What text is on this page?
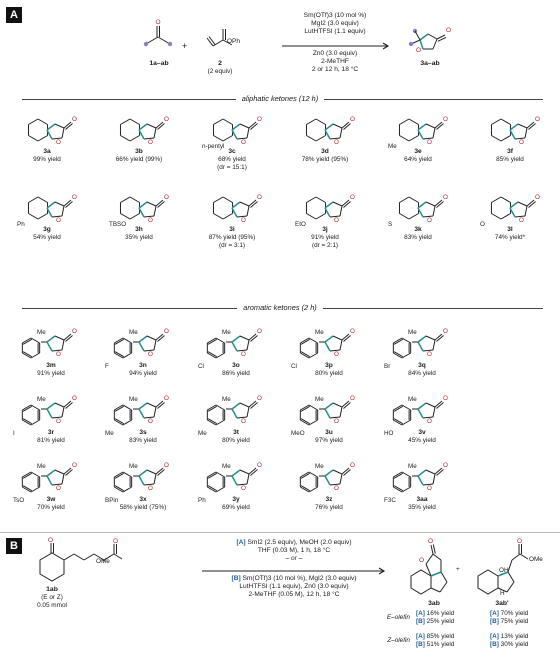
A
O
OPh
O
O
+
1a–ab	2
(2 equiv)
3a–ab
Sm(OTf)3 (10 mol %)
MgI2 (3.0 equiv)
LutHTFSI (1.1 equiv)
Zn0 (3.0 equiv)
2-MeTHF
2 or 12 h, 18 °C
aliphatic ketones (12 h)
aromatic ketones (2 h)
O
O
O
O
O
O
n-pentyl
O
O
O
O
Me
O
O
O
O
Ph
O
O
TBSO
O
O
O
O
EtO
O
O
S
O
O
O
O
O
Me
O
O
Me
F
O
O
Me
Cl
O
O
Me
Cl
O
O
Me
Br
O
O
Me
I
O
O
Me
Me
O
O
Me
Me
O
O
Me
MeO
O
O
Me
HO
O
O
Me
TsO
O
O
Me
BPin
O
O
Me
Ph
O
O
Me
O
O
Me
F3C
3a
99% yield
3b
66% yield (99%)
3c
68% yield
(dr = 15:1)
3d
78% yield (95%)
3e
64% yield
3f
85% yield
3g
54% yield
3h
35% yield
3i
87% yield (95%)
(dr = 3:1)
3j
91% yield
(dr = 2:1)
3k
83% yield
3l
74% yield*
3m
91% yield
3n
94% yield
3o
86% yield
3p
80% yield
3q
84% yield
3r
81% yield
3s
83% yield
3t
80% yield
3u
97% yield
3v
45% yield
3w
70% yield
3x
58% yield (75%)
3y
69% yield
3z
76% yield
3aa
35% yield
B	O	O
O
O	O
OMe
1ab
(E or Z)
0.05 mmol
[A] SmI2 (2.5 equiv), MeOH (2.0 equiv)
THF (0.03 M), 1 h, 18 °C
– or –
[B] Sm(OTf)3 (10 mol %), MgI2 (3.0 equiv)
LutHTFSI (1.1 equiv), Zn0 (3.0 equiv)
2-MeTHF (0.05 M), 12 h, 18 °C
+	OH
H
OMe
3ab	3ab'
E–olefin
[A] 16% yield
[B] 25% yield
[A] 70% yield
[B] 75% yield
Z–olefin
[A] 85% yield
[B] 51% yield
[A] 13% yield
[B] 30% yield
